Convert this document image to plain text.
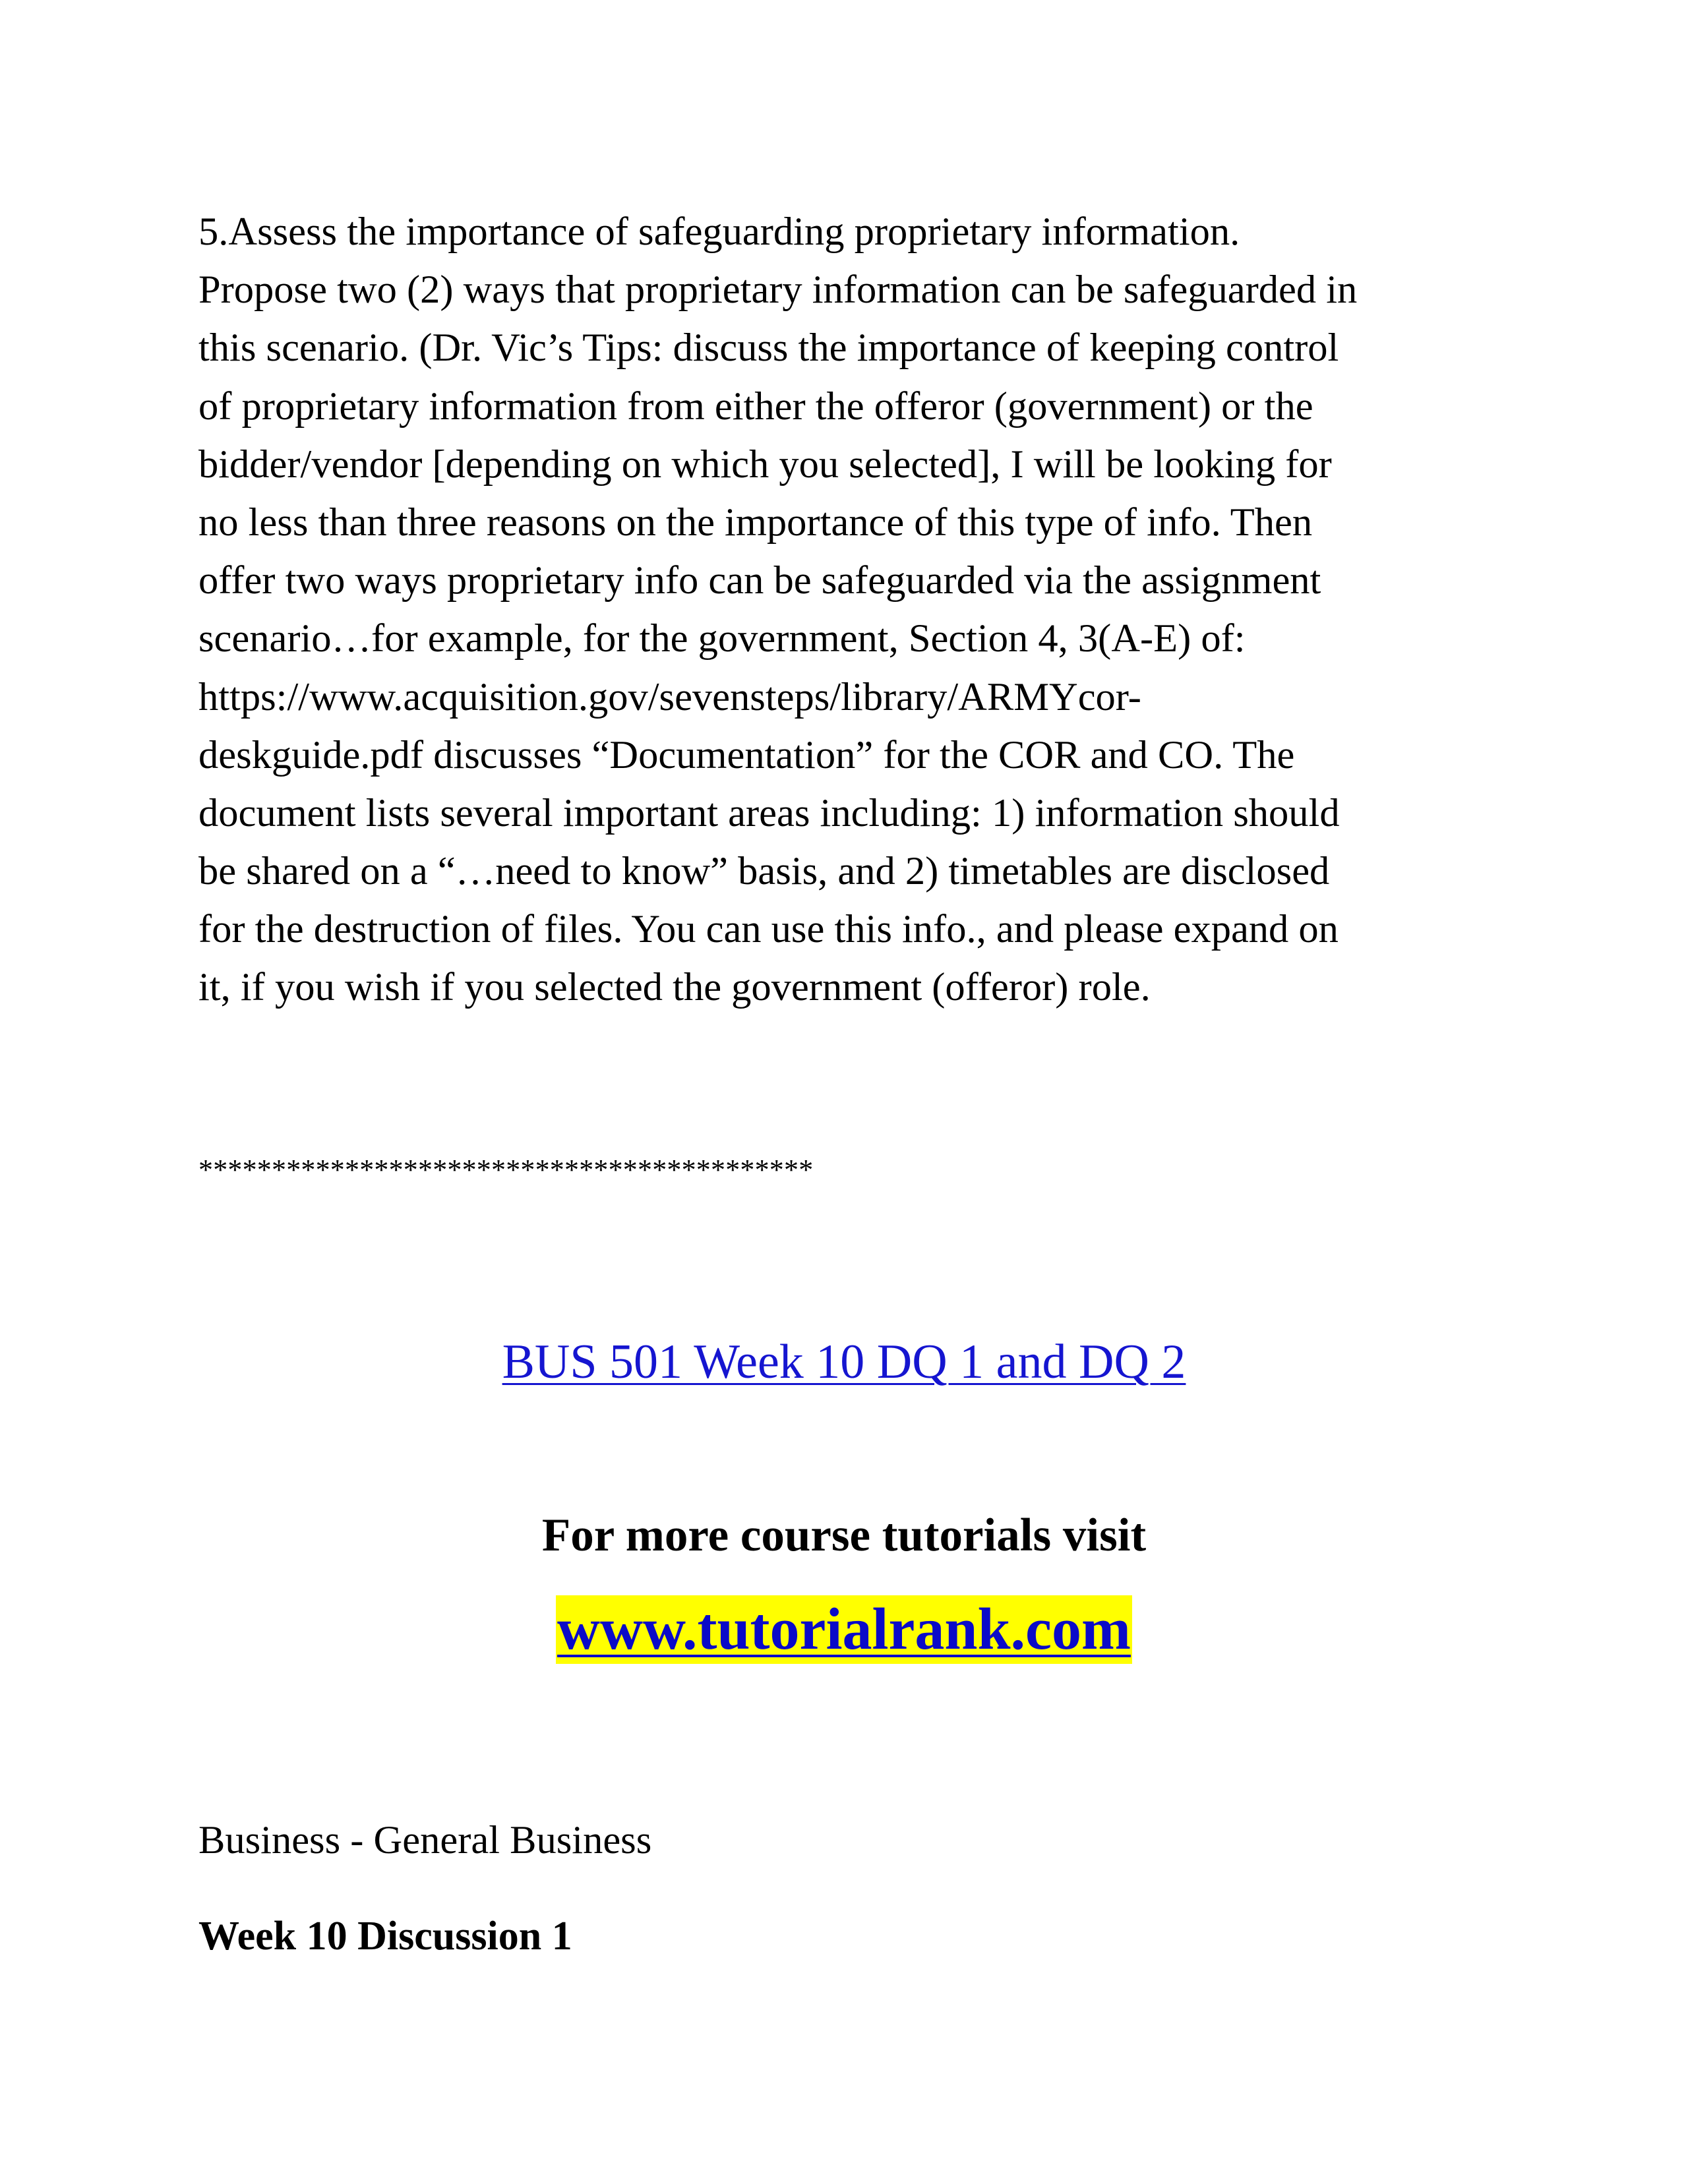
5.Assess the importance of safeguarding proprietary information.
Propose two (2) ways that proprietary information can be safeguarded in
this scenario. (Dr. Vic’s Tips: discuss the importance of keeping control
of proprietary information from either the offeror (government) or the
bidder/vendor [depending on which you selected], I will be looking for
no less than three reasons on the importance of this type of info. Then
offer two ways proprietary info can be safeguarded via the assignment
scenario…for example, for the government, Section 4, 3(A-E) of:
https://www.acquisition.gov/sevensteps/library/ARMYcor-
deskguide.pdf discusses “Documentation” for the COR and CO. The
document lists several important areas including: 1) information should
be shared on a “…need to know” basis, and 2) timetables are disclosed
for the destruction of files. You can use this info., and please expand on
it, if you wish if you selected the government (offeror) role.
******************************************
BUS 501 Week 10 DQ 1 and DQ 2
For more course tutorials visit
www.tutorialrank.com
Business - General Business
Week 10 Discussion 1
